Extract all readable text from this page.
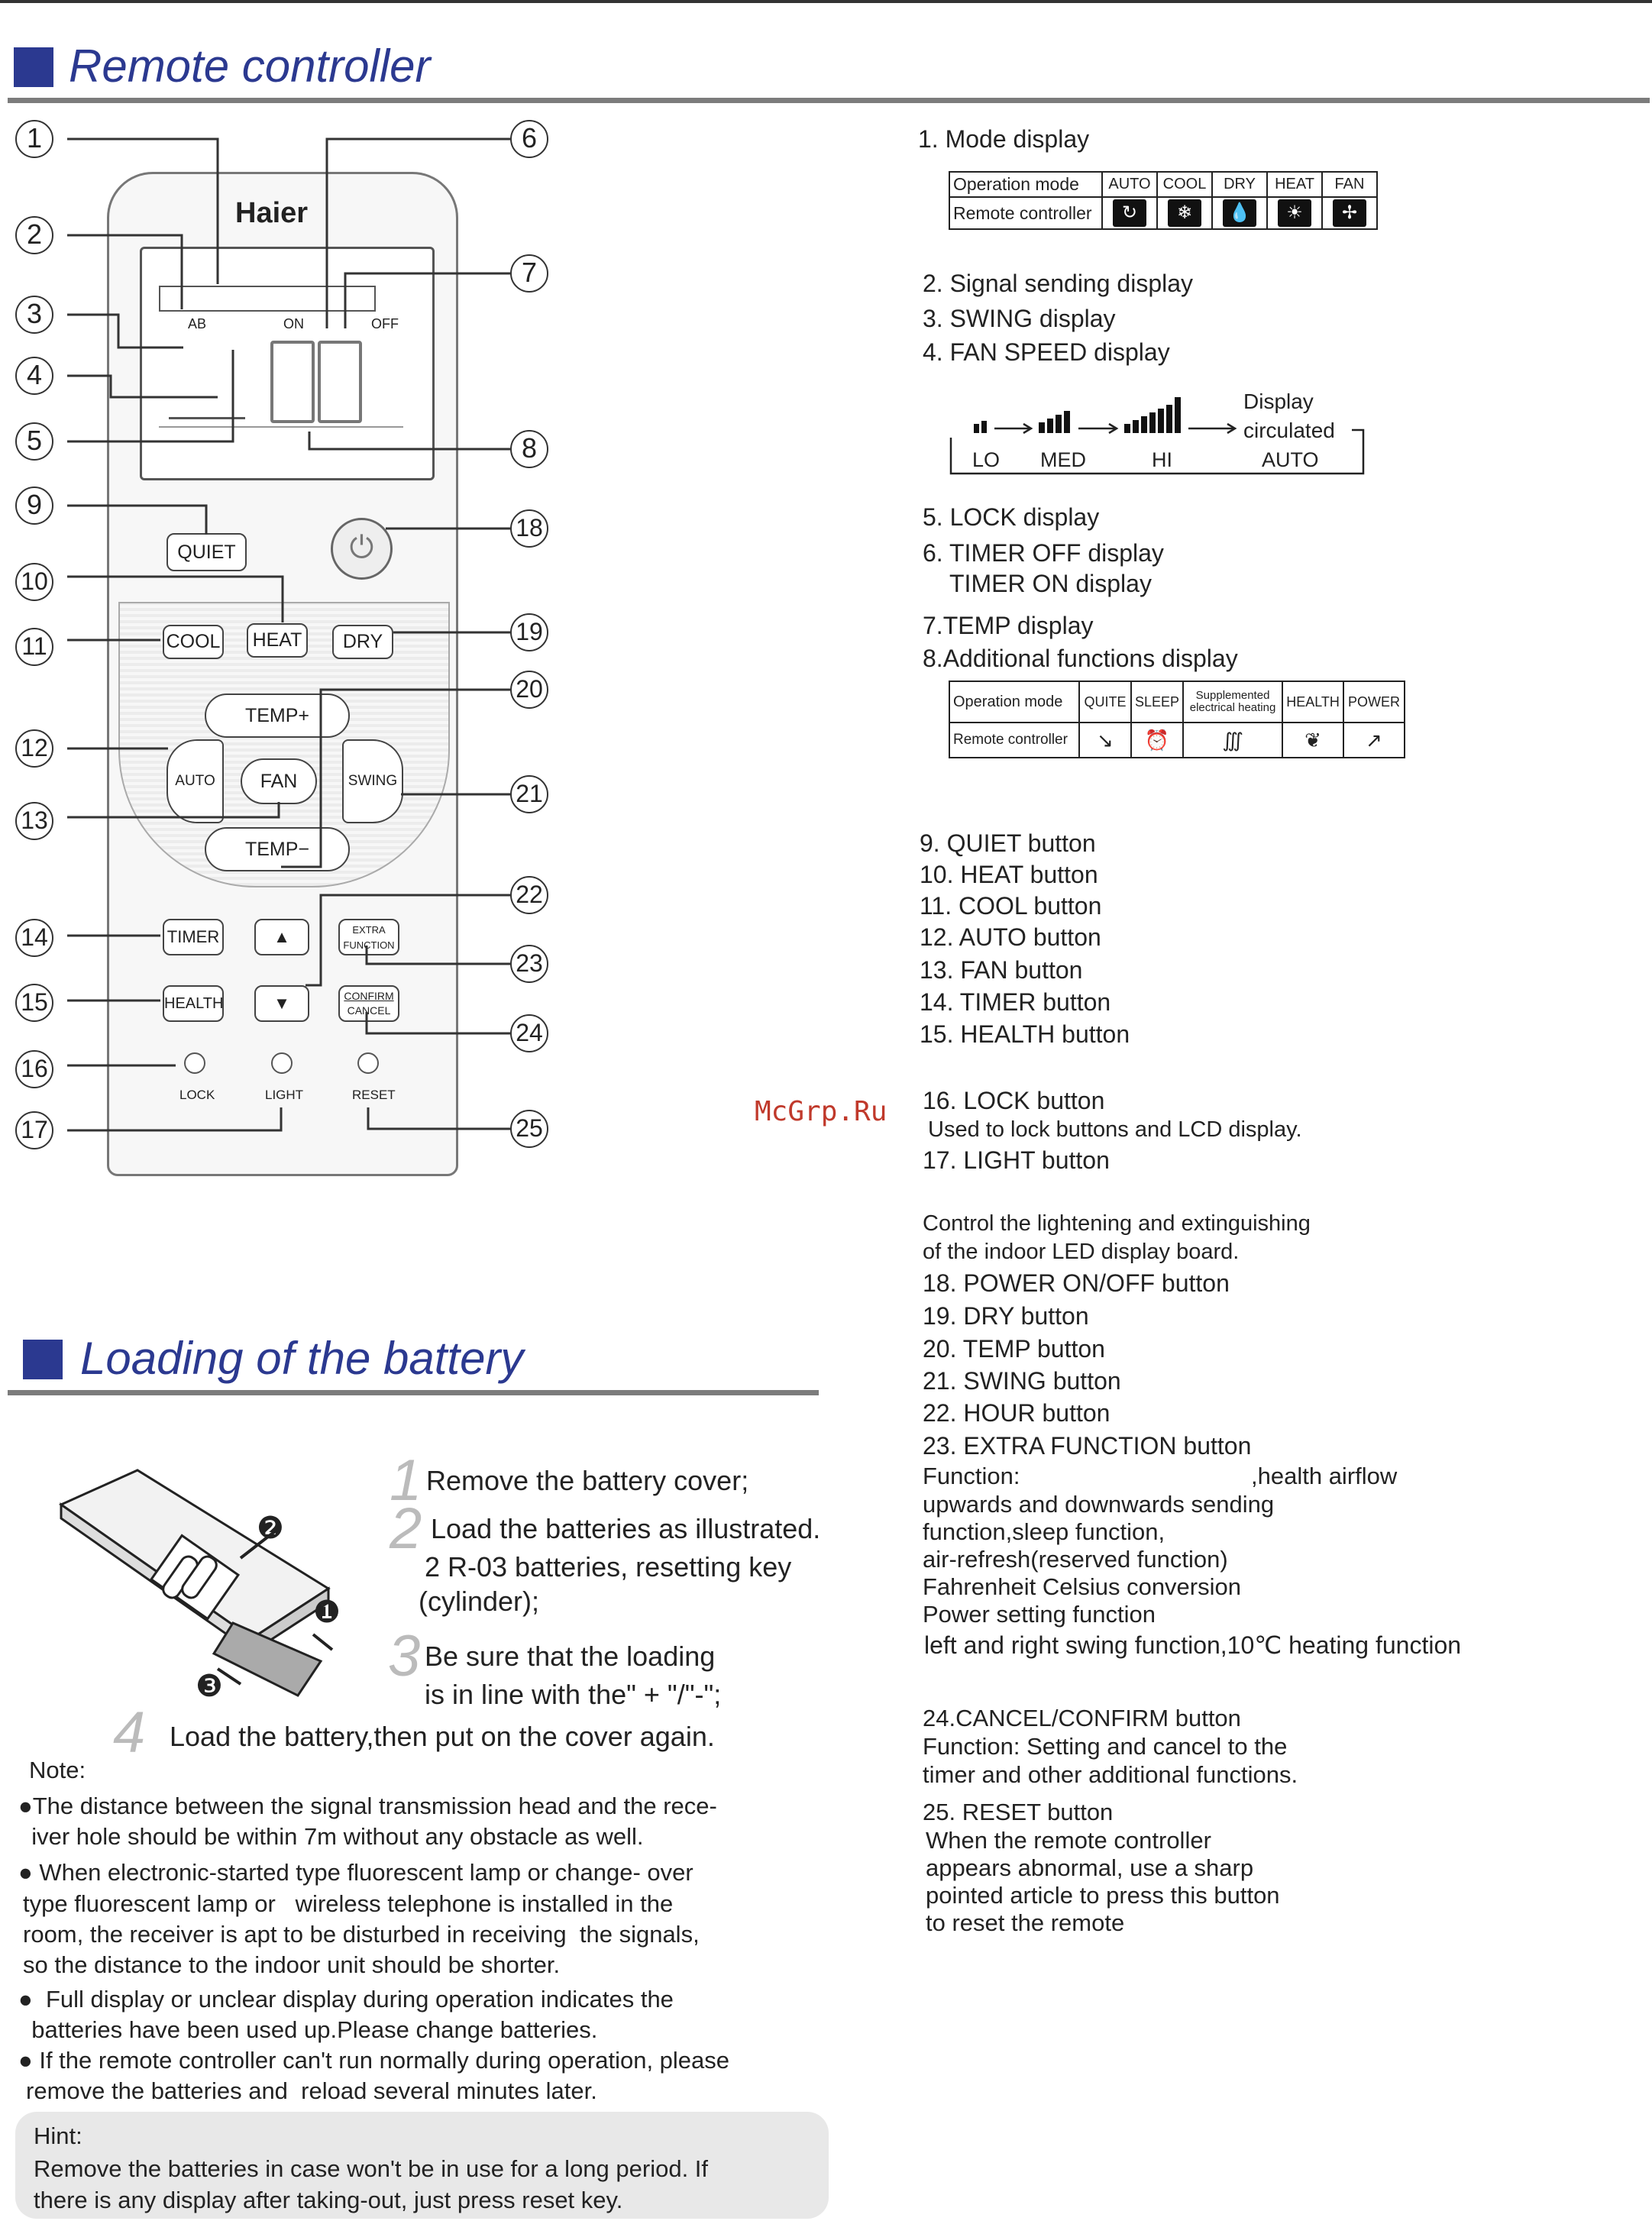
Remote controller
Haier
AB	ON	OFF
⏻
QUIET
COOL	HEAT	DRY
TEMP+
AUTO	FAN	SWING
TEMP−
TIMER	▲	EXTRA FUNCTION
HEALTH	▼	CONFIRM
CANCEL
LOCK	LIGHT	RESET
1
2
3
4
5
9
10
11
12
13
14
15
16
17
6
7
8
18
19
20
21
22
23
24
25
1. Mode display
Operation mode	AUTO	COOL	DRY	HEAT	FAN
Remote controller	↻	❄	💧	☀	✢
2. Signal sending display
3. SWING display
4. FAN SPEED display
Display
circulated
LO MED	HI	AUTO
5. LOCK display
6. TIMER OFF display
TIMER ON display
7.TEMP display
8.Additional functions display
Operation mode	QUITE	SLEEP	Supplemented electrical heating	HEALTH	POWER
Remote controller	↘	⏰	∭	❦	↗
9. QUIET button
10. HEAT button
11. COOL button
12. AUTO button
13. FAN button
14. TIMER button
15. HEALTH button
McGrp.Ru 16. LOCK button
Used to lock buttons and LCD display.
17. LIGHT button
Control the lightening and extinguishing
of the indoor LED display board.
18. POWER ON/OFF button
19. DRY button
20. TEMP button
21. SWING button
22. HOUR button
23. EXTRA FUNCTION button
Function:	,health airflow
upwards and downwards sending
function,sleep function,
air-refresh(reserved function)
Fahrenheit Celsius conversion
Power setting function
left and right swing function,10℃ heating function
24.CANCEL/CONFIRM button
Function: Setting and cancel to the
timer and other additional functions.
25. RESET button
When the remote controller
appears abnormal, use a sharp
pointed article to press this button
to reset the remote
Loading of the battery
❷
❶
❸
1 Remove the battery cover;
2 Load the batteries as illustrated.
2 R-03 batteries, resetting key
(cylinder);
3 Be sure that the loading
is in line with the" + "/"-";
4 Load the battery,then put on the cover again.
Note:
●The distance between the signal transmission head and the rece-
iver hole should be within 7m without any obstacle as well.
● When electronic-started type fluorescent lamp or change- over
type fluorescent lamp or   wireless telephone is installed in the
room, the receiver is apt to be disturbed in receiving  the signals,
so the distance to the indoor unit should be shorter.
●  Full display or unclear display during operation indicates the
batteries have been used up.Please change batteries.
● If the remote controller can't run normally during operation, please
remove the batteries and  reload several minutes later.
Hint:
Remove the batteries in case won't be in use for a long period. If
there is any display after taking-out, just press reset key.
